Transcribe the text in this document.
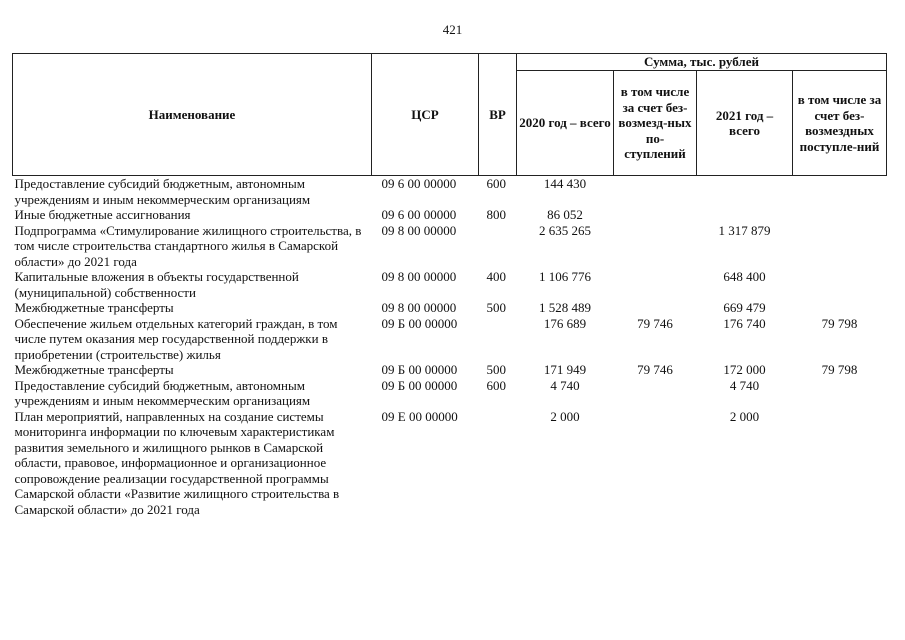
421
Наименование	ЦСР	ВР	Сумма, тыс. рублей			
			2020 год – всего	в том числе за счет без-возмезд-ных по-ступлений	2021 год – всего	в том числе за счет без-возмездных поступле-ний
Предоставление субсидий бюджетным, автономным учреждениям и иным некоммерческим организациям	09 6 00 00000	600	144 430			
Иные бюджетные ассигнования	09 6 00 00000	800	86 052			
Подпрограмма «Стимулирование жилищного строительства, в том числе строительства стандартного жилья в Самарской области» до 2021 года	09 8 00 00000		2 635 265		1 317 879	
Капитальные вложения в объекты государственной (муниципальной) собственности	09 8 00 00000	400	1 106 776		648 400	
Межбюджетные трансферты	09 8 00 00000	500	1 528 489		669 479	
Обеспечение жильем отдельных категорий граждан, в том числе путем оказания мер государственной поддержки в приобретении (строительстве) жилья	09 Б 00 00000		176 689	79 746	176 740	79 798
Межбюджетные трансферты	09 Б 00 00000	500	171 949	79 746	172 000	79 798
Предоставление субсидий бюджетным, автономным учреждениям и иным некоммерческим организациям	09 Б 00 00000	600	4 740		4 740	
План мероприятий, направленных на создание системы мониторинга информации по ключевым характеристикам развития земельного и жилищного рынков в Самарской области, правовое, информационное и организационное сопровождение реализации государственной программы Самарской области «Развитие жилищного строительства в Самарской области» до 2021 года	09 Е 00 00000		2 000		2 000	
